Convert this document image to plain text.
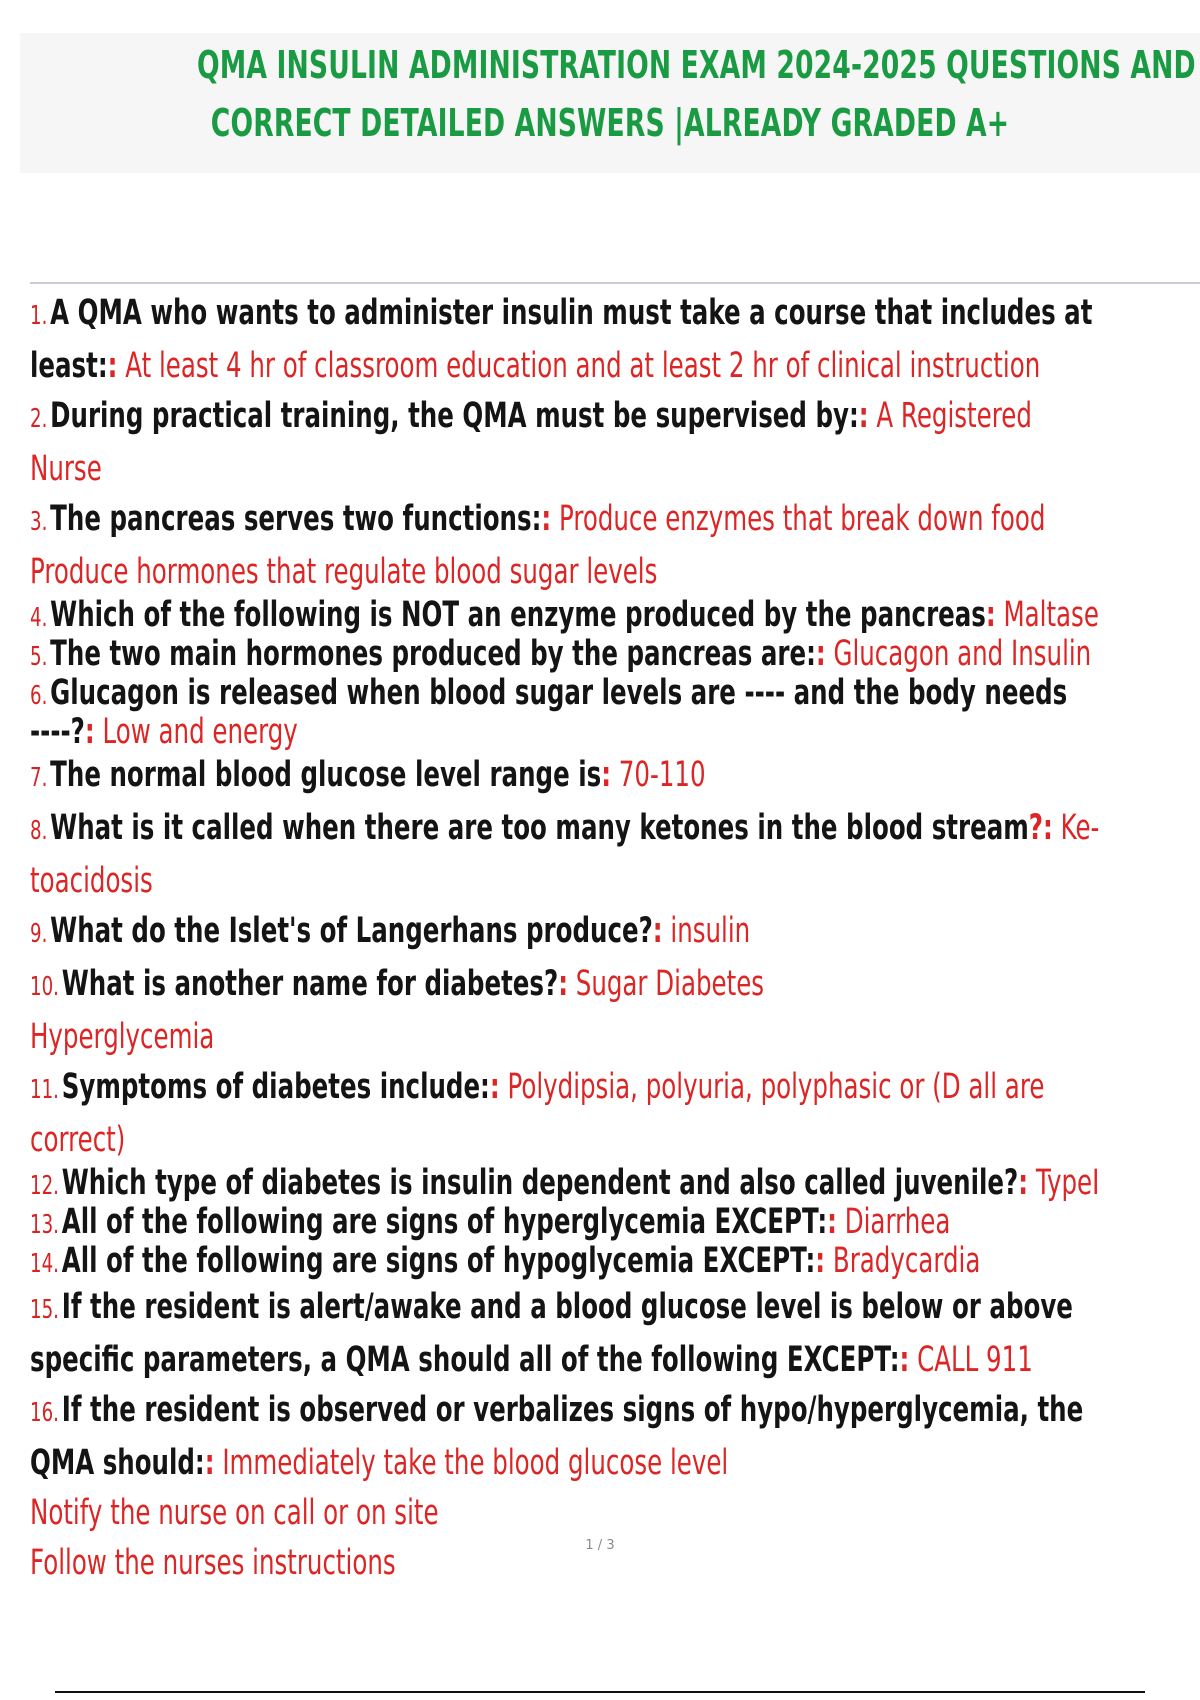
QMA INSULIN ADMINISTRATION EXAM 2024-2025 QUESTIONS AND
CORRECT DETAILED ANSWERS |ALREADY GRADED A+
1.A QMA who wants to administer insulin must take a course that includes at
least:: At least 4 hr of classroom education and at least 2 hr of clinical instruction
2.During practical training, the QMA must be supervised by:: A Registered
Nurse
3.The pancreas serves two functions:: Produce enzymes that break down food
Produce hormones that regulate blood sugar levels
4.Which of the following is NOT an enzyme produced by the pancreas: Maltase
5.The two main hormones produced by the pancreas are:: Glucagon and Insulin
6.Glucagon is released when blood sugar levels are ---- and the body needs
----?: Low and energy
7.The normal blood glucose level range is: 70-110
8.What is it called when there are too many ketones in the blood stream?: Ke-
toacidosis
9.What do the Islet's of Langerhans produce?: insulin
10.What is another name for diabetes?: Sugar Diabetes
Hyperglycemia
11.Symptoms of diabetes include:: Polydipsia, polyuria, polyphasic or (D all are
correct)
12.Which type of diabetes is insulin dependent and also called juvenile?: TypeI
13.All of the following are signs of hyperglycemia EXCEPT:: Diarrhea
14.All of the following are signs of hypoglycemia EXCEPT:: Bradycardia
15.If the resident is alert/awake and a blood glucose level is below or above
specific parameters, a QMA should all of the following EXCEPT:: CALL 911
16.If the resident is observed or verbalizes signs of hypo/hyperglycemia, the
QMA should:: Immediately take the blood glucose level
Notify the nurse on call or on site
Follow the nurses instructions	1 / 3
